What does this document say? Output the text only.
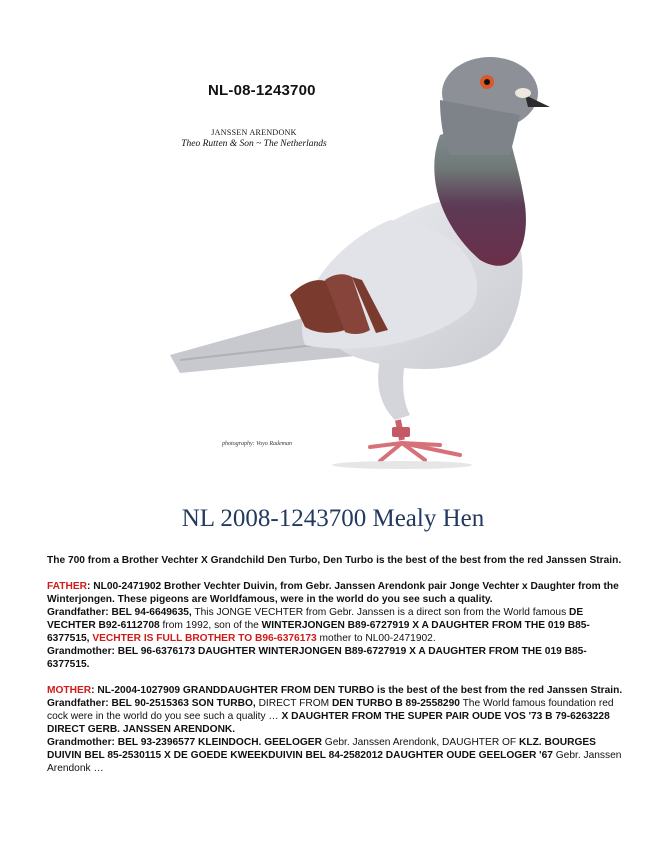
NL-08-1243700
JANSSEN ARENDONK
Theo Rutten & Son ~ The Netherlands
photography: Voyo Rademan
NL 2008-1243700 Mealy Hen

The 700 from a Brother Vechter X Grandchild Den Turbo, Den Turbo is the best of the best from the red Janssen Strain.

FATHER: NL00-2471902 Brother Vechter Duivin, from Gebr. Janssen Arendonk pair Jonge Vechter x Daughter from the Winterjongen. These pigeons are Worldfamous, were in the world do you see such a quality.

Grandfather: BEL 94-6649635, This JONGE VECHTER from Gebr. Janssen is a direct son from the World famous DE VECHTER B92-6112708 from 1992, son of the WINTERJONGEN B89-6727919 X A DAUGHTER FROM THE 019 B85-6377515, VECHTER IS FULL BROTHER TO B96-6376173 mother to NL00-2471902.

Grandmother: BEL 96-6376173 DAUGHTER WINTERJONGEN B89-6727919 X A DAUGHTER FROM THE 019 B85-6377515.

MOTHER: NL-2004-1027909 GRANDDAUGHTER FROM DEN TURBO is the best of the best from the red Janssen Strain.

Grandfather: BEL 90-2515363 SON TURBO, DIRECT FROM DEN TURBO B 89-2558290 The World famous foundation red cock were in the world do you see such a quality … X DAUGHTER FROM THE SUPER PAIR OUDE VOS '73 B 79-6263228 DIRECT GERB. JANSSEN ARENDONK.

Grandmother: BEL 93-2396577 KLEINDOCH. GEELOGER Gebr. Janssen Arendonk, DAUGHTER OF KLZ. BOURGES DUIVIN BEL 85-2530115 X DE GOEDE KWEEKDUIVIN BEL 84-2582012 DAUGHTER OUDE GEELOGER '67 Gebr. Janssen Arendonk …
